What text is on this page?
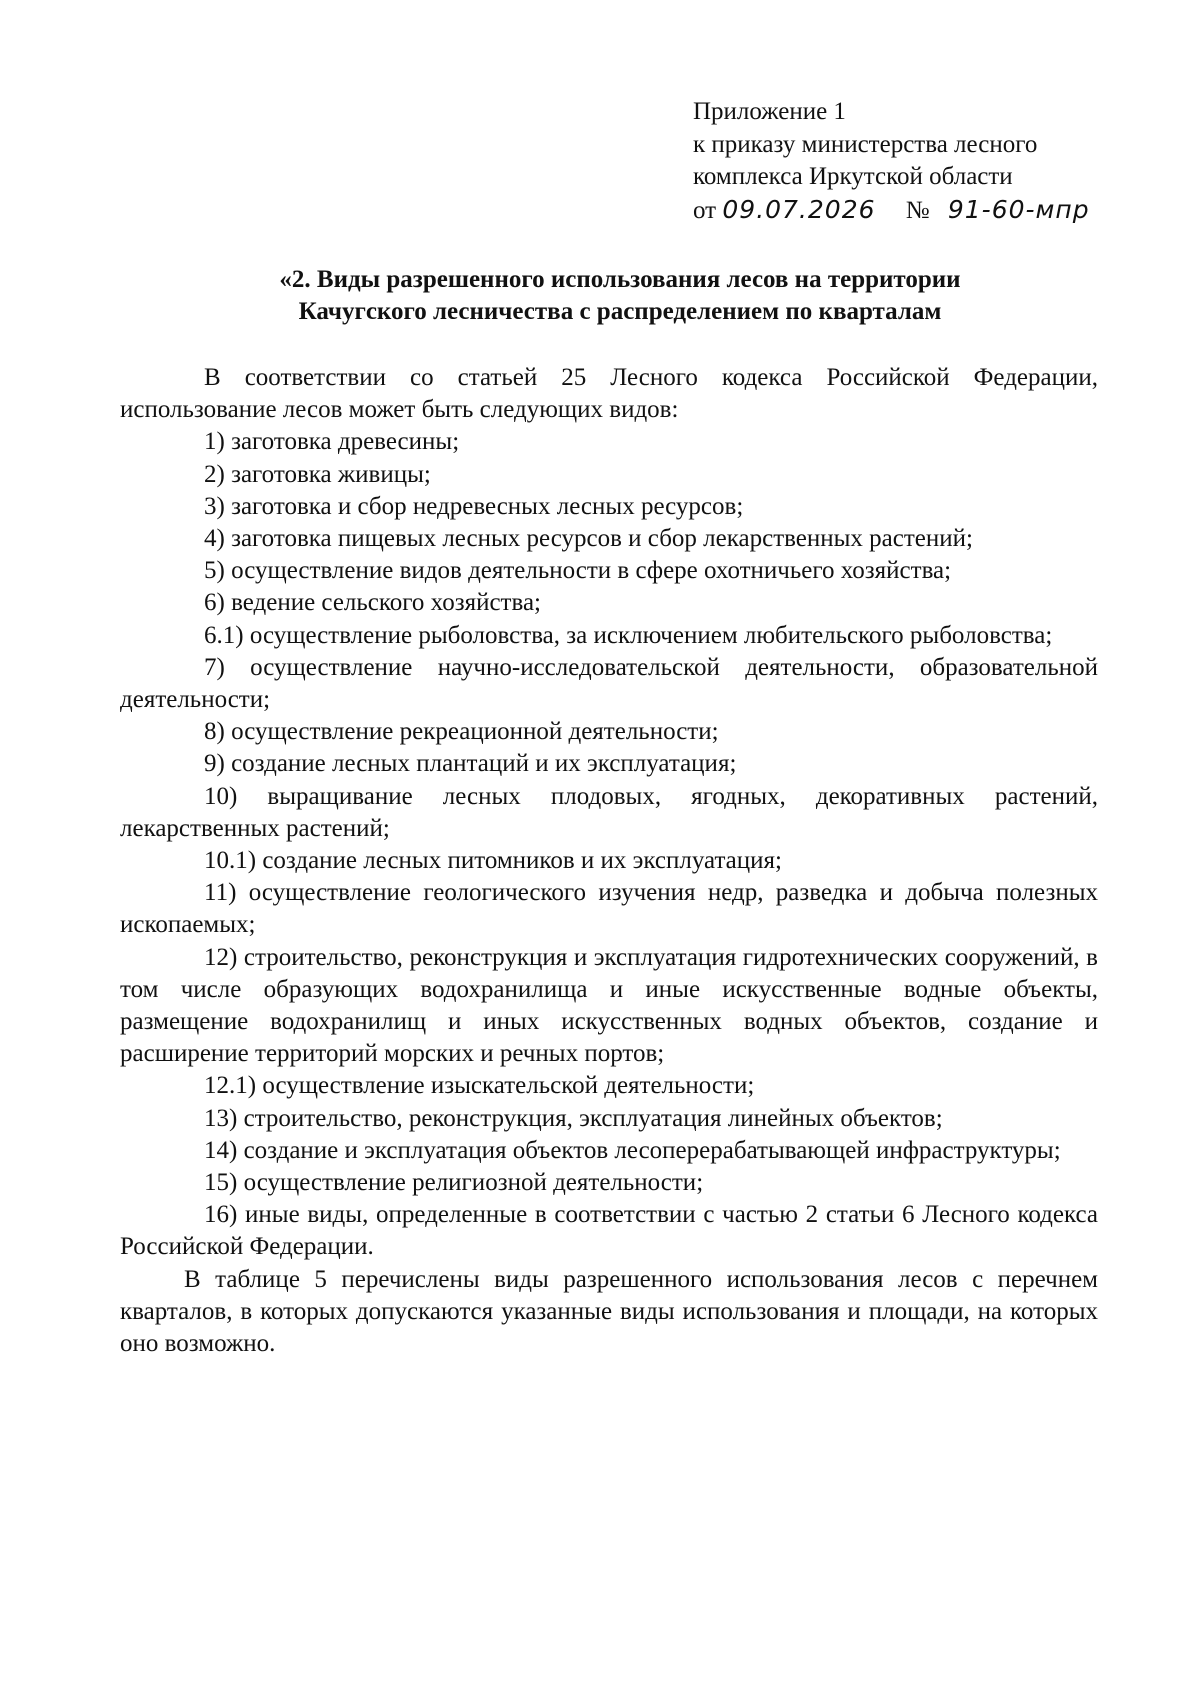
Приложение 1
к приказу министерства лесного
комплекса Иркутской области
от 09.07.2026 № 91-60-мпр
«2. Виды разрешенного использования лесов на территории
Качугского лесничества с распределением по кварталам

В соответствии со статьей 25 Лесного кодекса Российской Федерации, использование лесов может быть следующих видов:

1) заготовка древесины;

2) заготовка живицы;

3) заготовка и сбор недревесных лесных ресурсов;

4) заготовка пищевых лесных ресурсов и сбор лекарственных растений;

5) осуществление видов деятельности в сфере охотничьего хозяйства;

6) ведение сельского хозяйства;

6.1) осуществление рыболовства, за исключением любительского рыболовства;

7) осуществление научно-исследовательской деятельности, образовательной деятельности;

8) осуществление рекреационной деятельности;

9) создание лесных плантаций и их эксплуатация;

10) выращивание лесных плодовых, ягодных, декоративных растений, лекарственных растений;

10.1) создание лесных питомников и их эксплуатация;

11) осуществление геологического изучения недр, разведка и добыча полезных ископаемых;

12) строительство, реконструкция и эксплуатация гидротехнических сооружений, в том числе образующих водохранилища и иные искусственные водные объекты, размещение водохранилищ и иных искусственных водных объектов, создание и расширение территорий морских и речных портов;

12.1) осуществление изыскательской деятельности;

13) строительство, реконструкция, эксплуатация линейных объектов;

14) создание и эксплуатация объектов лесоперерабатывающей инфраструктуры;

15) осуществление религиозной деятельности;

16) иные виды, определенные в соответствии с частью 2 статьи 6 Лесного кодекса Российской Федерации.

В таблице 5 перечислены виды разрешенного использования лесов с перечнем кварталов, в которых допускаются указанные виды использования и площади, на которых оно возможно.
